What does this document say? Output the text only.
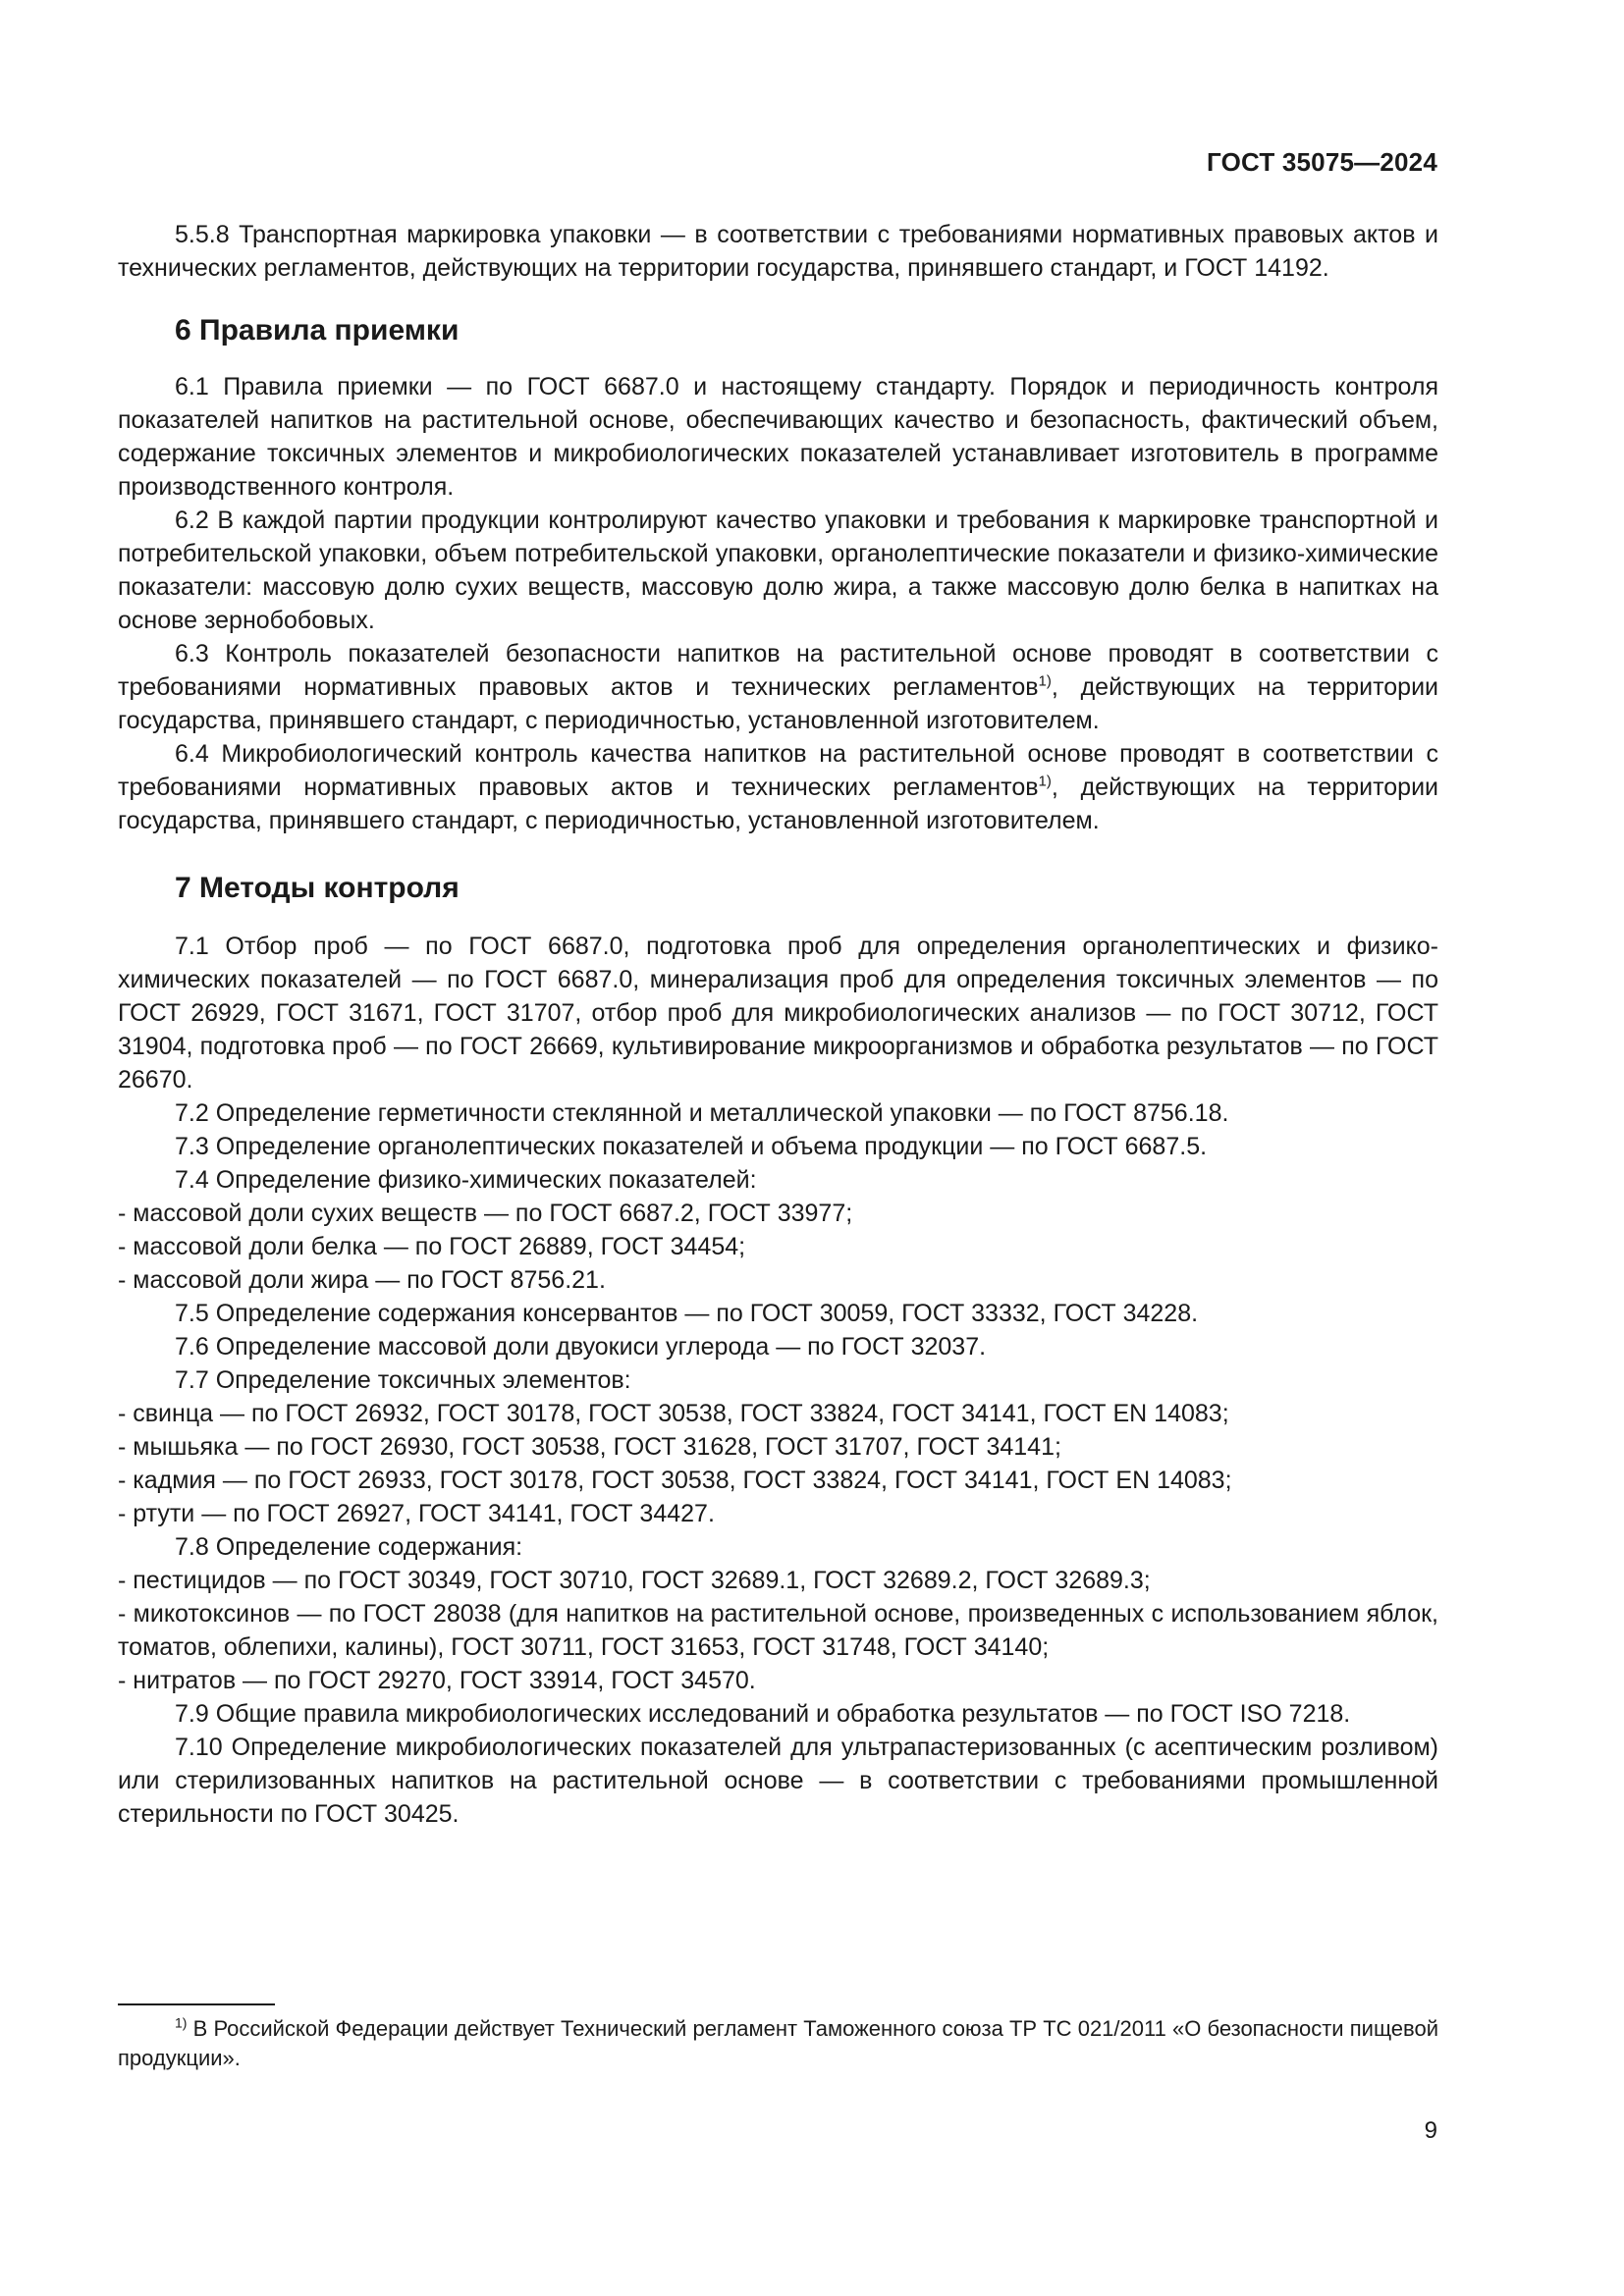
ГОСТ 35075—2024

5.5.8 Транспортная маркировка упаковки — в соответствии с требованиями нормативных правовых актов и технических регламентов, действующих на территории государства, принявшего стандарт, и ГОСТ 14192.

6 Правила приемки

6.1 Правила приемки — по ГОСТ 6687.0 и настоящему стандарту. Порядок и периодичность контроля показателей напитков на растительной основе, обеспечивающих качество и безопасность, фактический объем, содержание токсичных элементов и микробиологических показателей устанавливает изготовитель в программе производственного контроля.

6.2 В каждой партии продукции контролируют качество упаковки и требования к маркировке транспортной и потребительской упаковки, объем потребительской упаковки, органолептические показатели и физико-химические показатели: массовую долю сухих веществ, массовую долю жира, а также массовую долю белка в напитках на основе зернобобовых.

6.3 Контроль показателей безопасности напитков на растительной основе проводят в соответствии с требованиями нормативных правовых актов и технических регламентов$^{1)}$, действующих на территории государства, принявшего стандарт, с периодичностью, установленной изготовителем.

6.4 Микробиологический контроль качества напитков на растительной основе проводят в соответствии с требованиями нормативных правовых актов и технических регламентов$^{1)}$, действующих на территории государства, принявшего стандарт, с периодичностью, установленной изготовителем.

7 Методы контроля

7.1 Отбор проб — по ГОСТ 6687.0, подготовка проб для определения органолептических и физико-химических показателей — по ГОСТ 6687.0, минерализация проб для определения токсичных элементов — по ГОСТ 26929, ГОСТ 31671, ГОСТ 31707, отбор проб для микробиологических анализов — по ГОСТ 30712, ГОСТ 31904, подготовка проб — по ГОСТ 26669, культивирование микроорганизмов и обработка результатов — по ГОСТ 26670.

7.2 Определение герметичности стеклянной и металлической упаковки — по ГОСТ 8756.18.

7.3 Определение органолептических показателей и объема продукции — по ГОСТ 6687.5.

7.4 Определение физико-химических показателей:

- массовой доли сухих веществ — по ГОСТ 6687.2, ГОСТ 33977;

- массовой доли белка — по ГОСТ 26889, ГОСТ 34454;

- массовой доли жира — по ГОСТ 8756.21.

7.5 Определение содержания консервантов — по ГОСТ 30059, ГОСТ 33332, ГОСТ 34228.

7.6 Определение массовой доли двуокиси углерода — по ГОСТ 32037.

7.7 Определение токсичных элементов:

- свинца — по ГОСТ 26932, ГОСТ 30178, ГОСТ 30538, ГОСТ 33824, ГОСТ 34141, ГОСТ EN 14083;

- мышьяка — по ГОСТ 26930, ГОСТ 30538, ГОСТ 31628, ГОСТ 31707, ГОСТ 34141;

- кадмия — по ГОСТ 26933, ГОСТ 30178, ГОСТ 30538, ГОСТ 33824, ГОСТ 34141, ГОСТ EN 14083;

- ртути — по ГОСТ 26927, ГОСТ 34141, ГОСТ 34427.

7.8 Определение содержания:

- пестицидов — по ГОСТ 30349, ГОСТ 30710, ГОСТ 32689.1, ГОСТ 32689.2, ГОСТ 32689.3;

- микотоксинов — по ГОСТ 28038 (для напитков на растительной основе, произведенных с использованием яблок, томатов, облепихи, калины), ГОСТ 30711, ГОСТ 31653, ГОСТ 31748, ГОСТ 34140;

- нитратов — по ГОСТ 29270, ГОСТ 33914, ГОСТ 34570.

7.9 Общие правила микробиологических исследований и обработка результатов — по ГОСТ ISO 7218.

7.10 Определение микробиологических показателей для ультрапастеризованных (с асептическим розливом) или стерилизованных напитков на растительной основе — в соответствии с требованиями промышленной стерильности по ГОСТ 30425.

$^{1)}$ В Российской Федерации действует Технический регламент Таможенного союза ТР ТС 021/2011 «О безопасности пищевой продукции».
9
